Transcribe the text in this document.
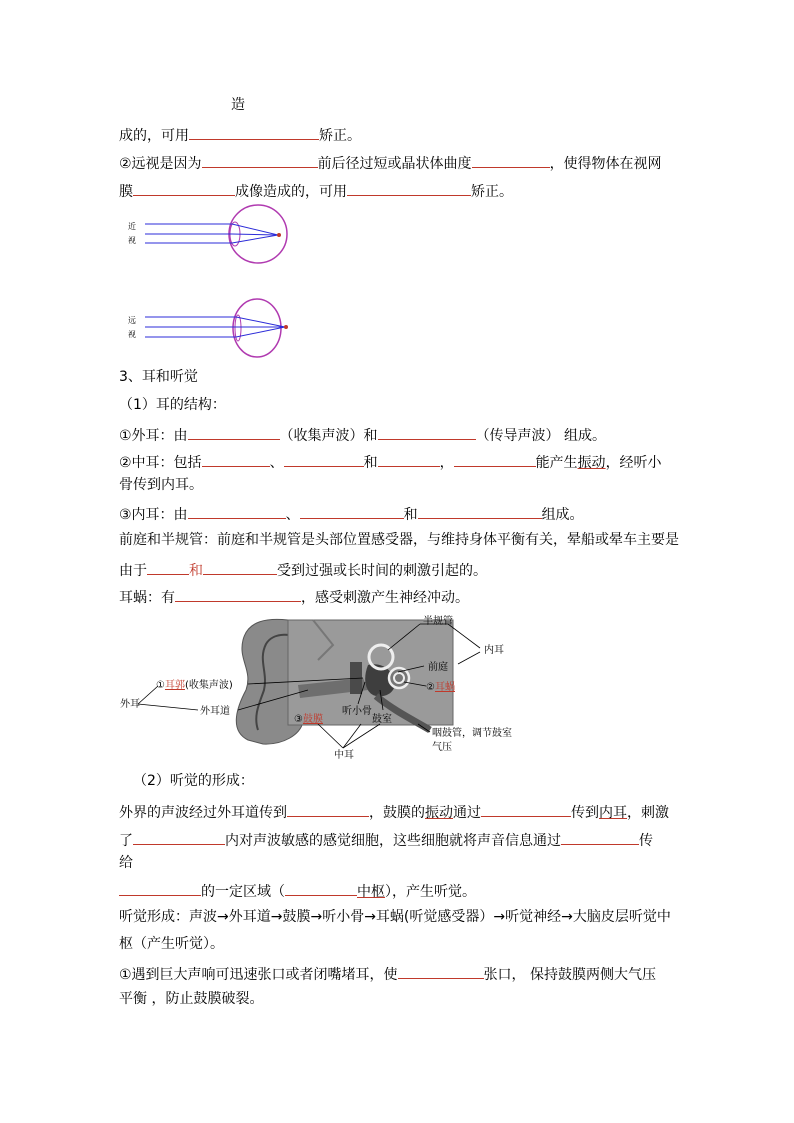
造
成的，可用	矫正。
②远视是因为	前后径过短或晶状体曲度	，使得物体在视网
膜	成像造成的，可用	矫正。
近
视
远
视
3、耳和听觉
（1）耳的结构：
①外耳：由	（收集声波）和	（传导声波） 组成。
②中耳：包括	、	和	，	能产生振动，经听小
骨传到内耳。
③内耳：由	、	和	组成。
前庭和半规管：前庭和半规管是头部位置感受器，与维持身体平衡有关，晕船或晕车主要是
由于	和	受到过强或长时间的刺激引起的。
耳蜗：有	，感受刺激产生神经冲动。
半规管
内耳
前庭
②耳蜗
①耳郭(收集声波)
外耳
外耳道
③鼓膜
听小骨
鼓室
中耳
咽鼓管，调节鼓室
气压
（2）听觉的形成：
外界的声波经过外耳道传到	，鼓膜的振动通过	传到内耳，刺激
了	内对声波敏感的感觉细胞，这些细胞就将声音信息通过	传
给
的一定区域（	中枢），产生听觉。
听觉形成：声波→外耳道→鼓膜→听小骨→耳蜗(听觉感受器）→听觉神经→大脑皮层听觉中
枢（产生听觉）。
①遇到巨大声响可迅速张口或者闭嘴堵耳，使	张口， 保持鼓膜两侧大气压
平衡 ，防止鼓膜破裂。
